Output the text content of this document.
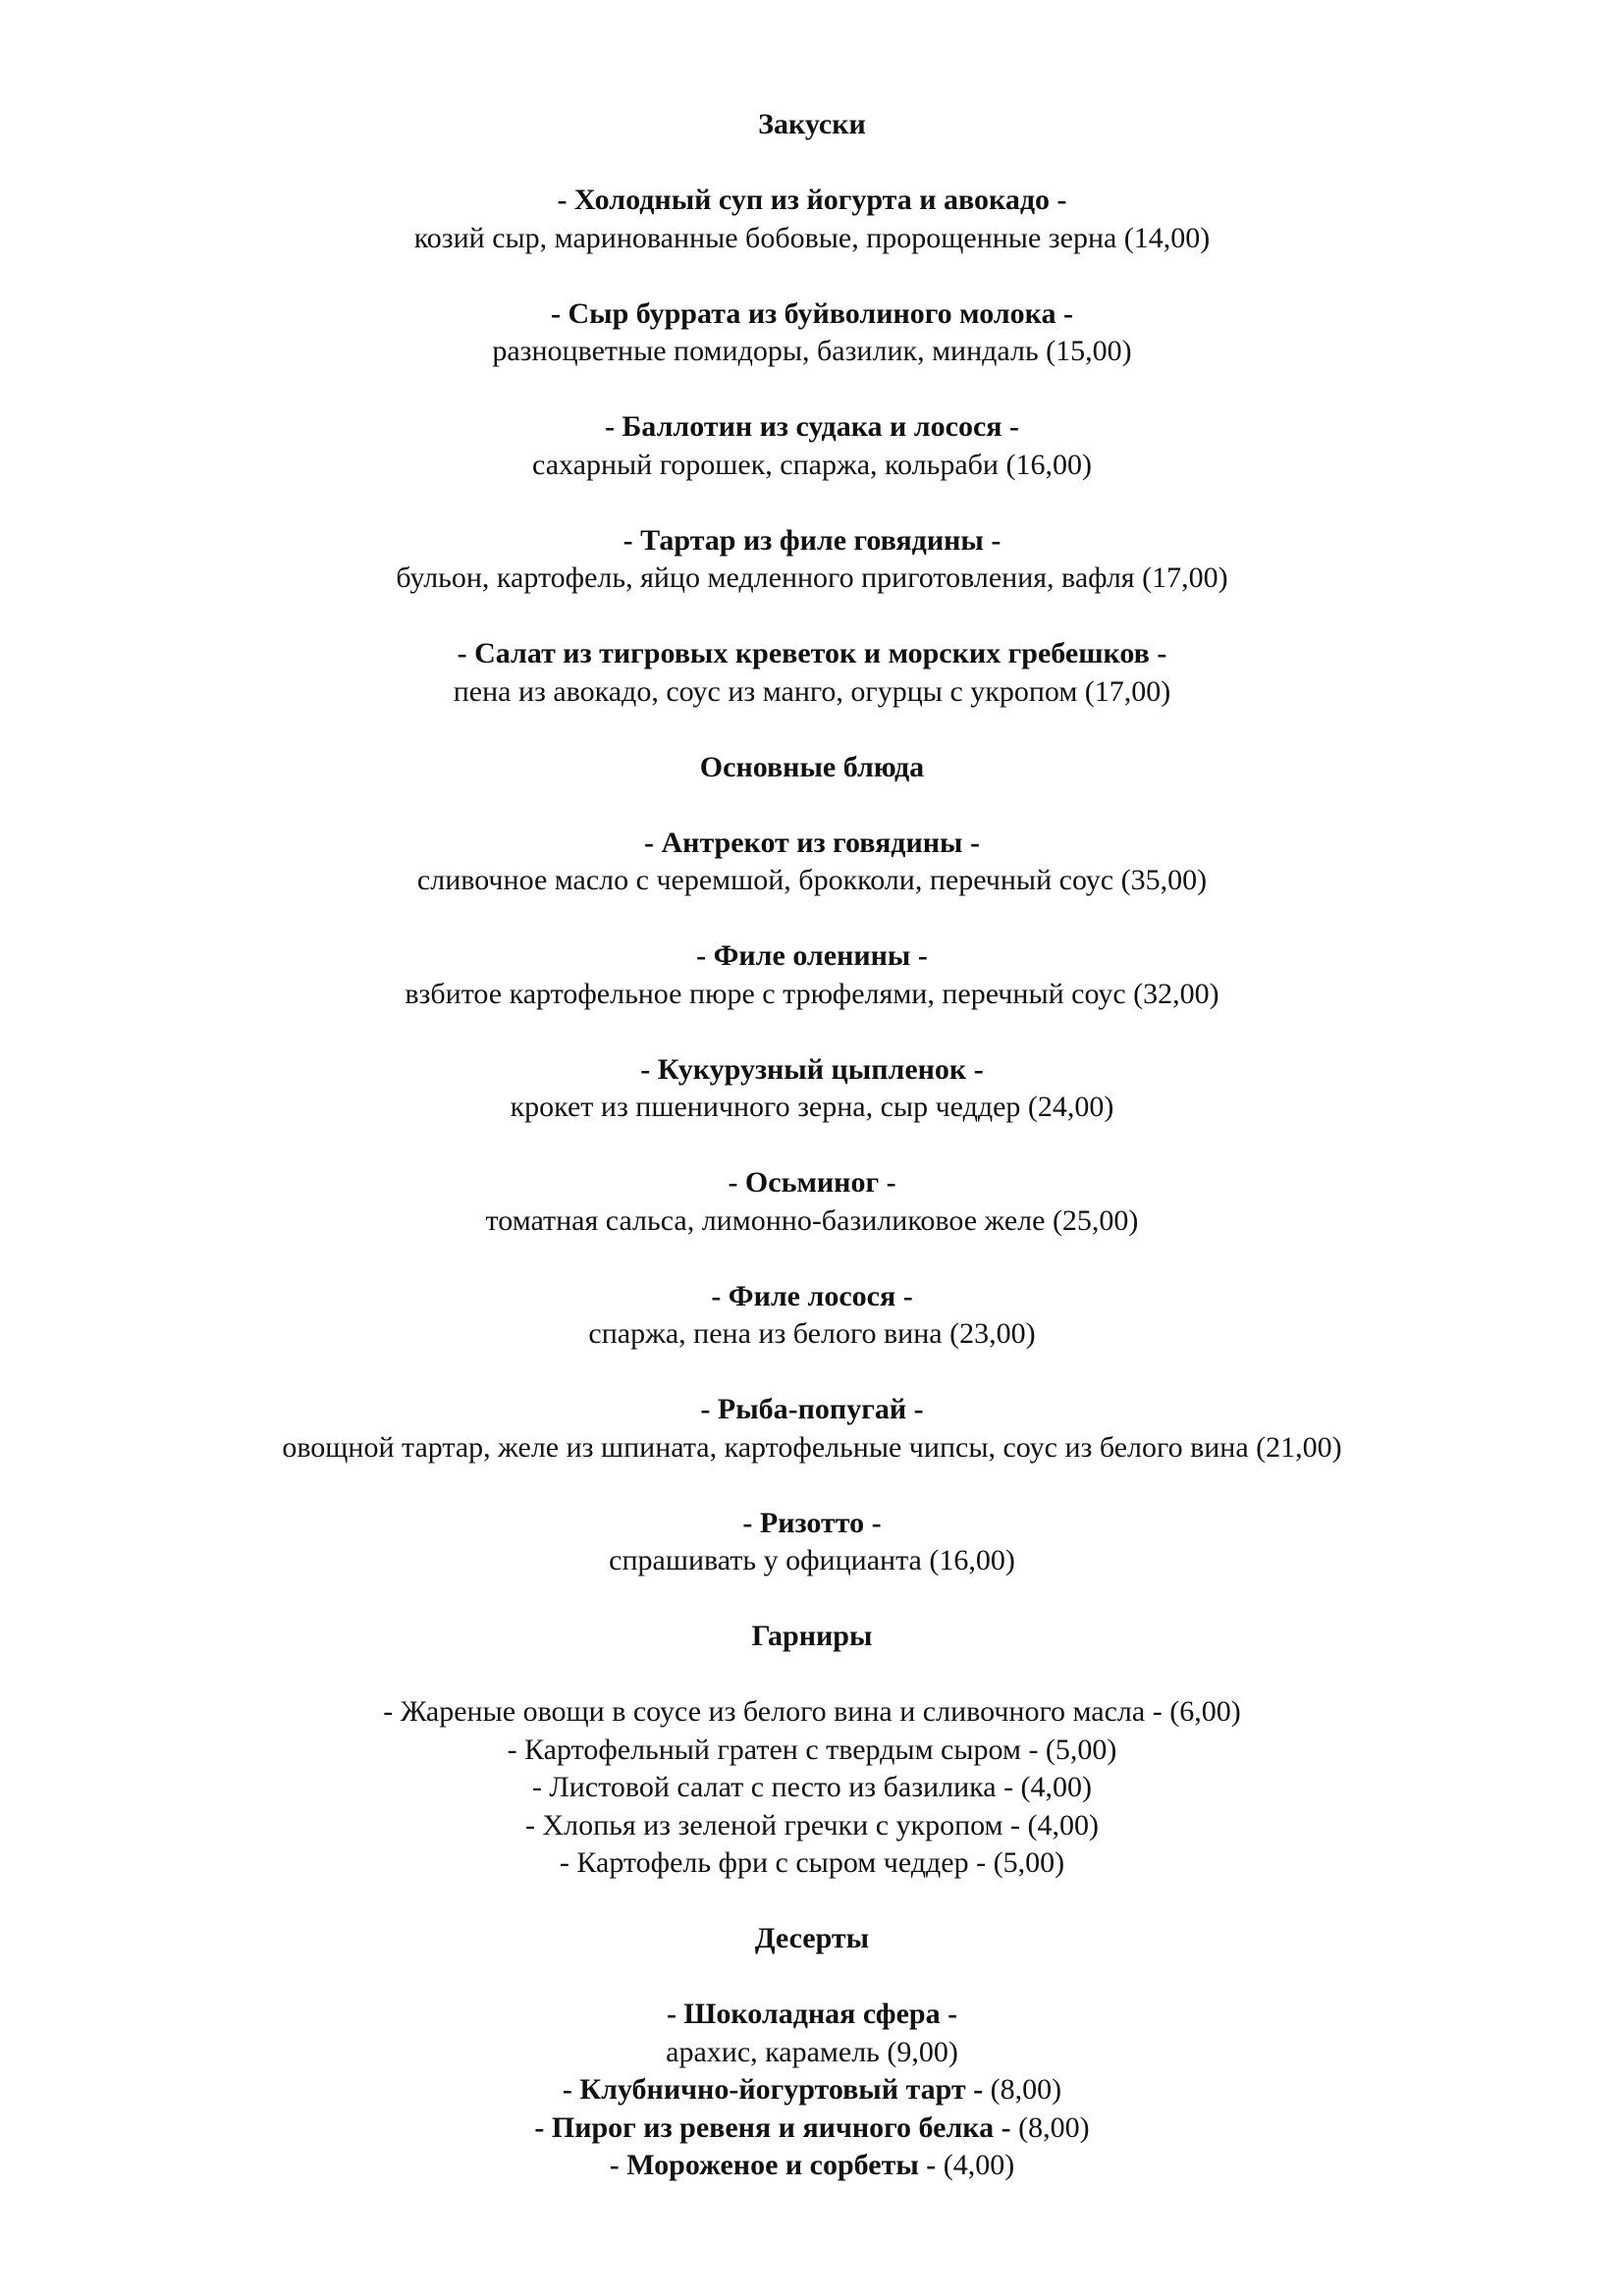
Закуски
- Холодный суп из йогурта и авокадо -
козий сыр, маринованные бобовые, пророщенные зерна (14,00)
- Сыр буррата из буйволиного молока -
разноцветные помидоры, базилик, миндаль (15,00)
- Баллотин из судака и лосося -
сахарный горошек, спаржа, кольраби (16,00)
- Тартар из филе говядины -
бульон, картофель, яйцо медленного приготовления, вафля (17,00)
- Салат из тигровых креветок и морских гребешков -
пена из авокадо, соус из манго, огурцы с укропом (17,00)
Основные блюда
- Антрекот из говядины -
сливочное масло с черемшой, брокколи, перечный соус (35,00)
- Филе оленины -
взбитое картофельное пюре с трюфелями, перечный соус (32,00)
- Кукурузный цыпленок -
крокет из пшеничного зерна, сыр чеддер (24,00)
- Осьминог -
томатная сальса, лимонно-базиликовое желе (25,00)
- Филе лосося -
спаржа, пена из белого вина (23,00)
- Рыба-попугай -
овощной тартар, желе из шпината, картофельные чипсы, соус из белого вина (21,00)
- Ризотто -
спрашивать у официанта (16,00)
Гарниры
- Жареные овощи в соусе из белого вина и сливочного масла - (6,00)
- Картофельный гратен с твердым сыром - (5,00)
- Листовой салат с песто из базилика - (4,00)
- Хлопья из зеленой гречки с укропом - (4,00)
- Картофель фри с сыром чеддер - (5,00)
Десерты
- Шоколадная сфера -
арахис, карамель (9,00)
- Клубнично-йогуртовый тарт - (8,00)
- Пирог из ревеня и яичного белка - (8,00)
- Мороженое и сорбеты - (4,00)
